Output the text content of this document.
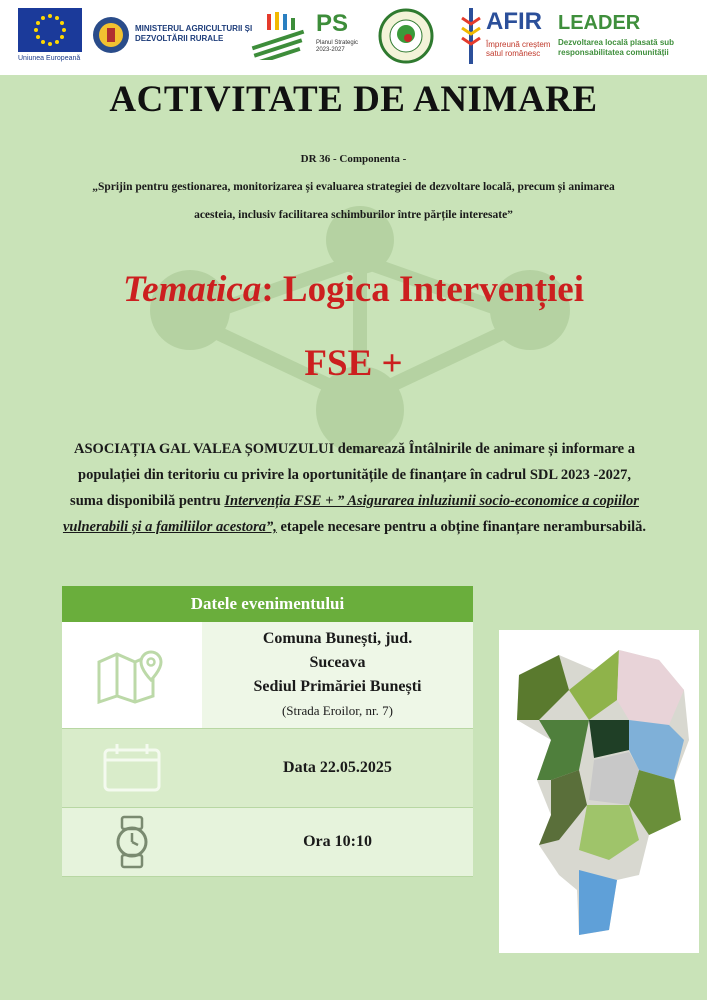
Uniunea Europeană
MINISTERUL AGRICULTURII ȘI DEZVOLTĂRII RURALE
PS
Planul Strategic 2023-2027
AFIR
Împreună creștem satul românesc
LEADER
Dezvoltarea locală plasată sub responsabilitatea comunității
ACTIVITATE DE ANIMARE
DR 36 - Componenta -
„Sprijin pentru gestionarea, monitorizarea și evaluarea strategiei de dezvoltare locală, precum și animarea acesteia, inclusiv facilitarea schimburilor între părțile interesate”
Tematica: Logica Intervenției
FSE +
ASOCIAȚIA GAL VALEA ȘOMUZULUI demarează Întâlnirile de animare și informare a populației din teritoriu cu privire la oportunitățile de finanțare în cadrul SDL 2023 -2027, suma disponibilă pentru Intervenția FSE + ” Asigurarea inluziunii socio-economice a copiilor vulnerabili și a familiilor acestora”, etapele necesare pentru a obține finanțare nerambursabilă.
Datele evenimentului
Comuna Bunești, jud.
Suceava
Sediul Primăriei Bunești
(Strada Eroilor, nr. 7)
Data 22.05.2025
Ora 10:10
